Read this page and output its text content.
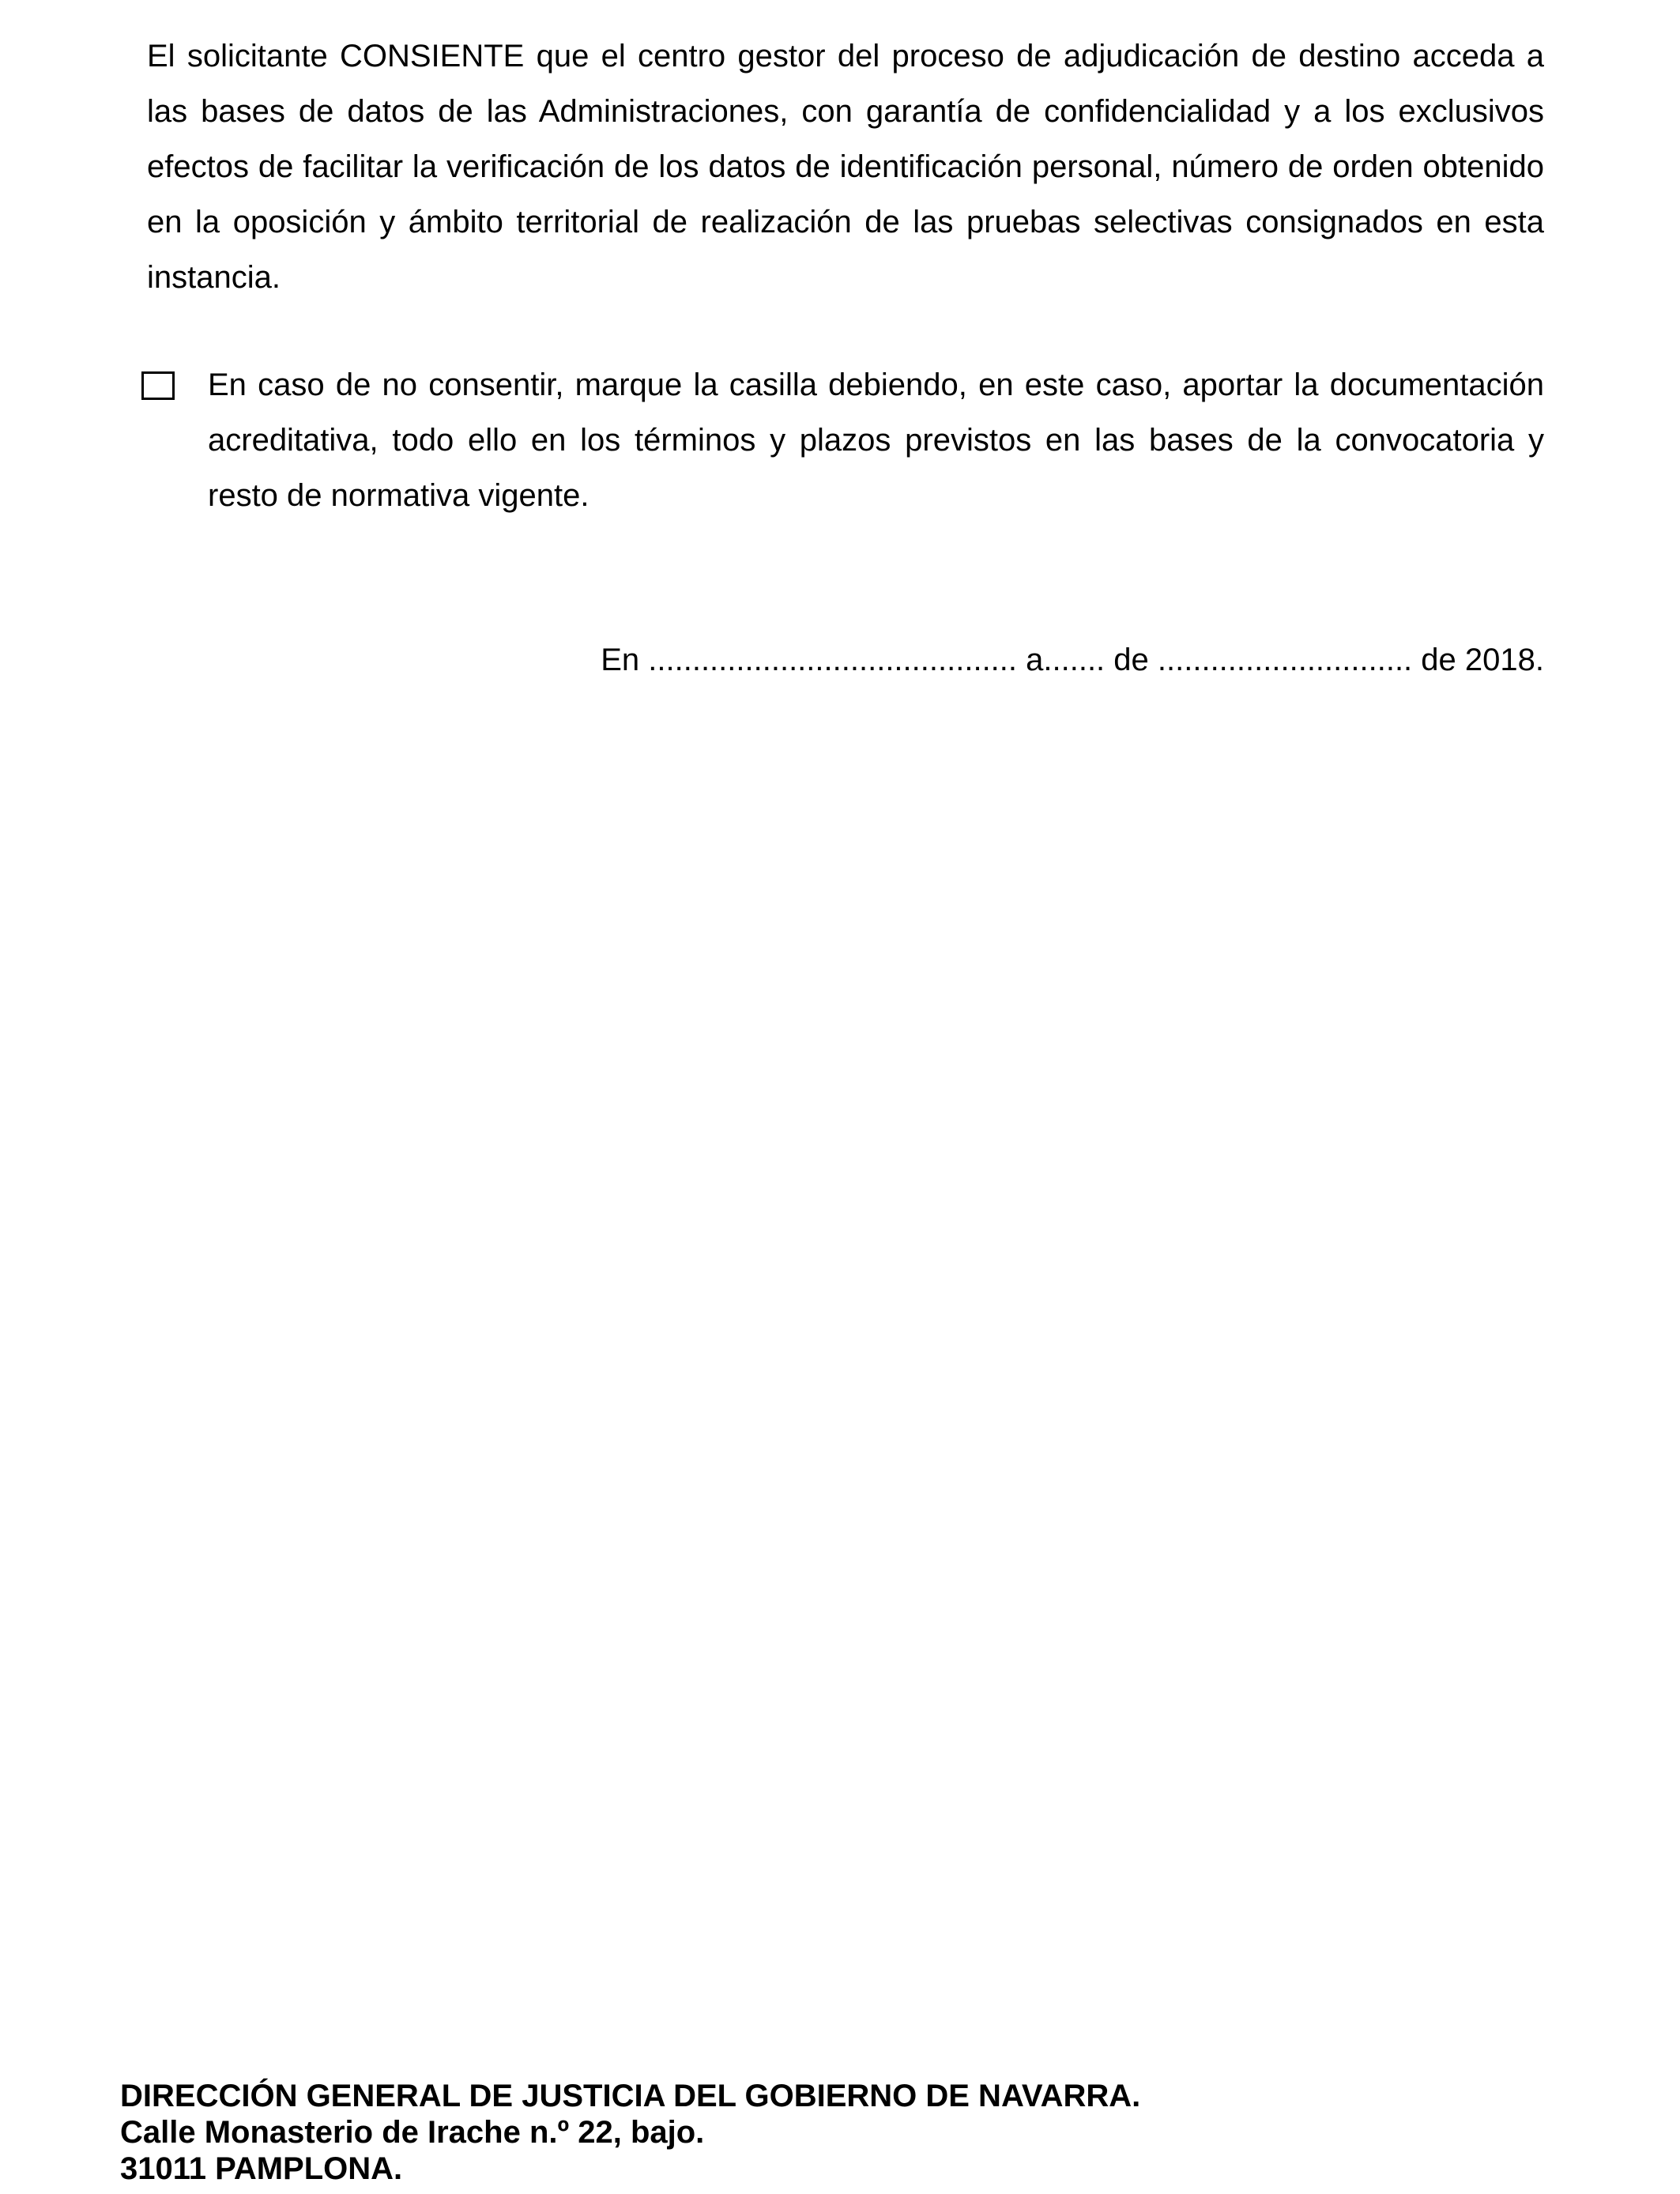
El solicitante CONSIENTE que el centro gestor del proceso de adjudicación de destino acceda a las bases de datos de las Administraciones, con garantía de confidencialidad y a los exclusivos efectos de facilitar la verificación de los datos de identificación personal, número de orden obtenido en la oposición y ámbito territorial de realización de las pruebas selectivas consignados en esta instancia.

En caso de no consentir, marque la casilla debiendo, en este caso, aportar la documentación acreditativa, todo ello en los términos y plazos previstos en las bases de la convocatoria y resto de normativa vigente.

En .......................................... a....... de ............................. de 2018.

DIRECCIÓN GENERAL DE JUSTICIA DEL GOBIERNO DE NAVARRA.
Calle Monasterio de Irache n.º 22, bajo.
31011 PAMPLONA.
